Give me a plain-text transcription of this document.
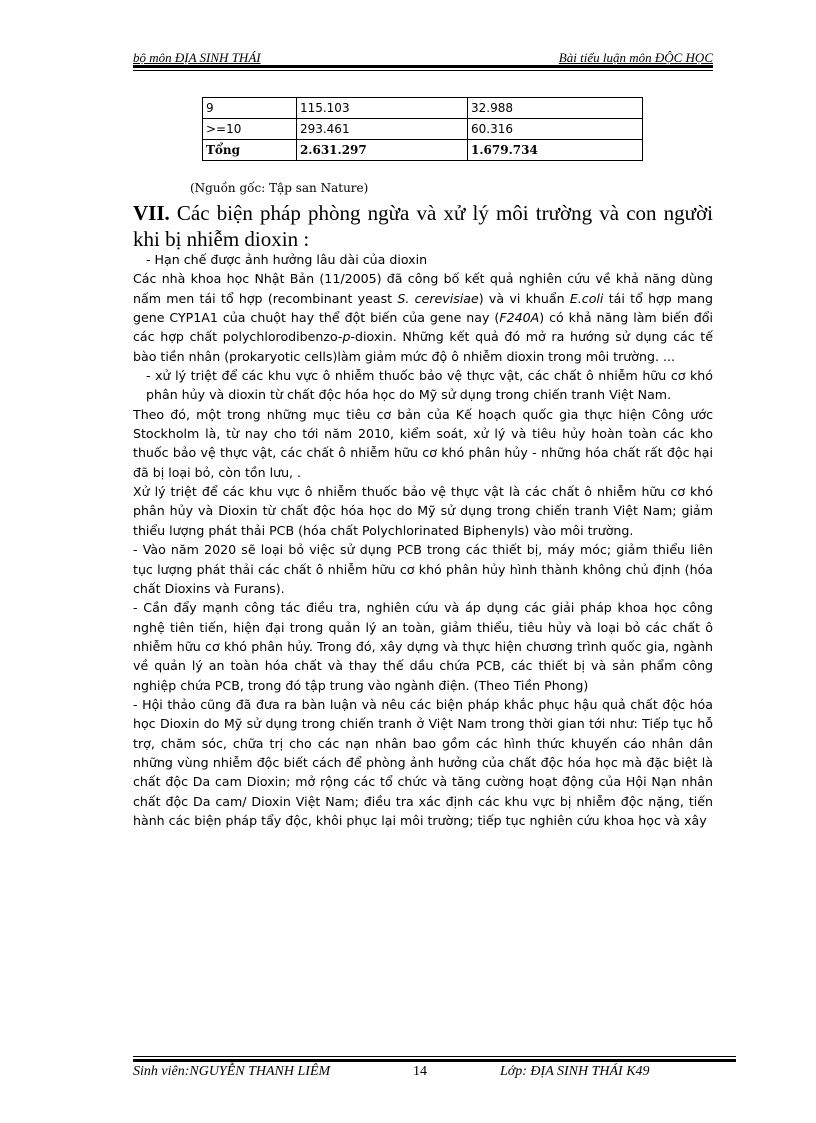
bộ môn ĐỊA SINH THÁI	Bài tiểu luận môn ĐỘC HỌC
9	115.103	32.988
>=10	293.461	60.316
Tổng	2.631.297	1.679.734
(Nguồn gốc: Tập san Nature)
VII. Các biện pháp phòng ngừa và xử lý môi trường và con người khi bị nhiễm dioxin :

- Hạn chế được ảnh hưởng lâu dài của dioxin

Các nhà khoa học Nhật Bản (11/2005) đã công bố kết quả nghiên cứu về khả năng dùng nấm men tái tổ hợp (recombinant yeast S. cerevisiae) và vi khuẩn E.coli tái tổ hợp mang gene CYP1A1 của chuột hay thể đột biến của gene nay (F240A) có khả năng làm biến đổi các hợp chất polychlorodibenzo-p-dioxin. Những kết quả đó mở ra hướng sử dụng các tế bào tiền nhân (prokaryotic cells)làm giảm mức độ ô nhiễm dioxin trong môi trường. ...

- xử lý triệt để các khu vực ô nhiễm thuốc bảo vệ thực vật, các chất ô nhiễm hữu cơ khó phân hủy và dioxin từ chất độc hóa học do Mỹ sử dụng trong chiến tranh Việt Nam.

Theo đó, một trong những mục tiêu cơ bản của Kế hoạch quốc gia thực hiện Công ước Stockholm là, từ nay cho tới năm 2010, kiểm soát, xử lý và tiêu hủy hoàn toàn các kho thuốc bảo vệ thực vật, các chất ô nhiễm hữu cơ khó phân hủy - những hóa chất rất độc hại đã bị loại bỏ, còn tồn lưu, .

Xử lý triệt để các khu vực ô nhiễm thuốc bảo vệ thực vật là các chất ô nhiễm hữu cơ khó phân hủy và Dioxin từ chất độc hóa học do Mỹ sử dụng trong chiến tranh Việt Nam; giảm thiểu lượng phát thải PCB (hóa chất Polychlorinated Biphenyls) vào môi trường.

- Vào năm 2020 sẽ loại bỏ việc sử dụng PCB trong các thiết bị, máy móc; giảm thiểu liên tục lượng phát thải các chất ô nhiễm hữu cơ khó phân hủy hình thành không chủ định (hóa chất Dioxins và Furans).

- Cần đẩy mạnh công tác điều tra, nghiên cứu và áp dụng các giải pháp khoa học công nghệ tiên tiến, hiện đại trong quản lý an toàn, giảm thiểu, tiêu hủy và loại bỏ các chất ô nhiễm hữu cơ khó phân hủy. Trong đó, xây dựng và thực hiện chương trình quốc gia, ngành về quản lý an toàn hóa chất và thay thế dầu chứa PCB, các thiết bị và sản phẩm công nghiệp chứa PCB, trong đó tập trung vào ngành điện. (Theo Tiền Phong)

- Hội thảo cũng đã đưa ra bàn luận và nêu các biện pháp khắc phục hậu quả chất độc hóa học Dioxin do Mỹ sử dụng trong chiến tranh ở Việt Nam trong thời gian tới như: Tiếp tục hỗ trợ, chăm sóc, chữa trị cho các nạn nhân bao gồm các hình thức khuyến cáo nhân dân những vùng nhiễm độc biết cách để phòng ảnh hưởng của chất độc hóa học mà đặc biệt là chất độc Da cam Dioxin; mở rộng các tổ chức và tăng cường hoạt động của Hội Nạn nhân chất độc Da cam/ Dioxin Việt Nam; điều tra xác định các khu vực bị nhiễm độc nặng, tiến hành các biện pháp tẩy độc, khôi phục lại môi trường; tiếp tục nghiên cứu khoa học và xây

Sinh viên:NGUYỄN THANH LIÊM	14	Lớp: ĐỊA SINH THÁI K49
